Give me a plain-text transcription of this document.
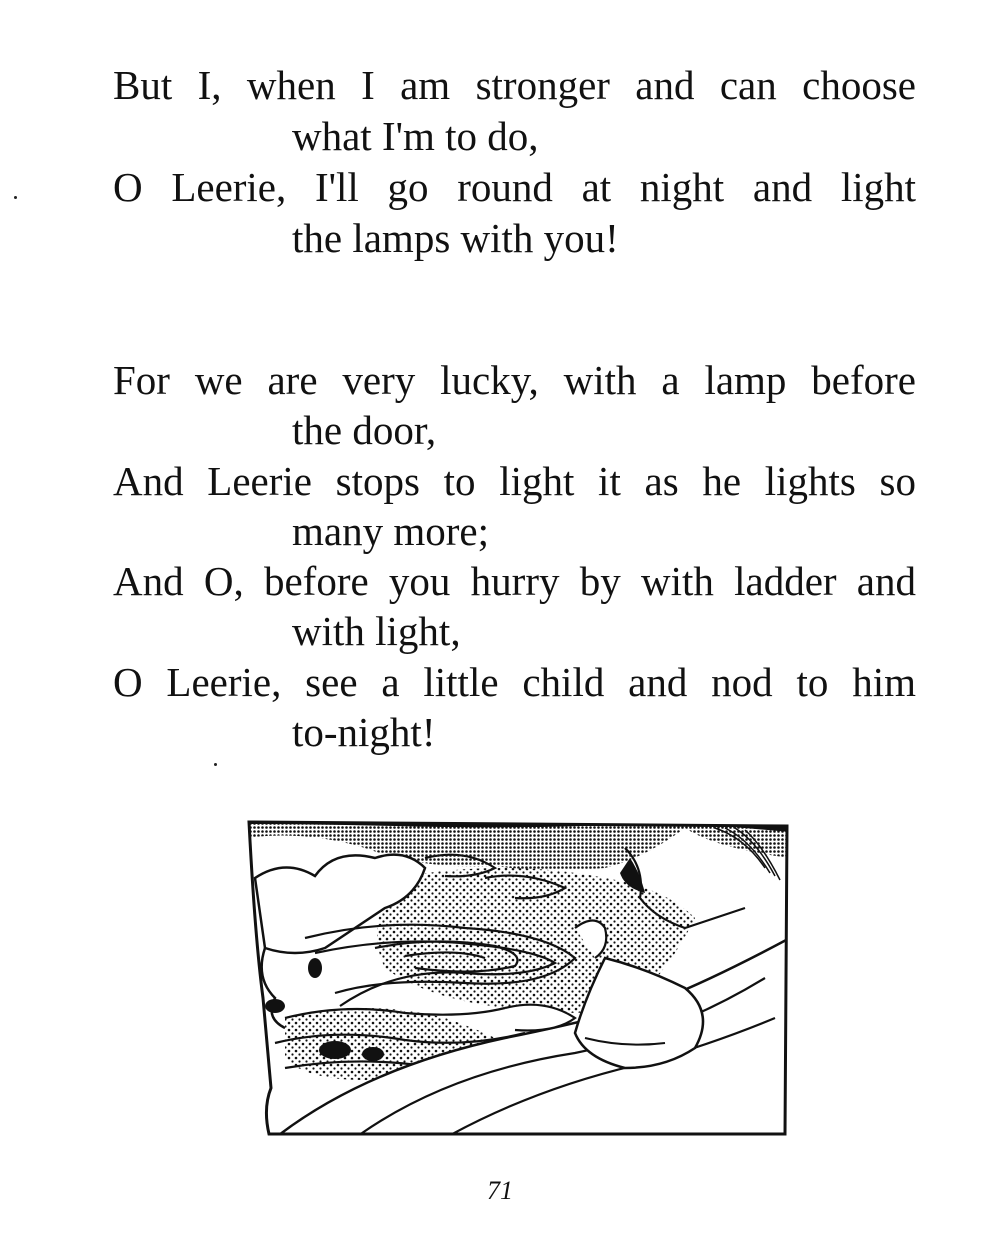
But I, when I am stronger and can choose

what I'm to do,

O Leerie, I'll go round at night and light

the lamps with you!

For we are very lucky, with a lamp before

the door,

And Leerie stops to light it as he lights so

many more;

And O, before you hurry by with ladder and

with light,

O Leerie, see a little child and nod to him

to-night!

71
